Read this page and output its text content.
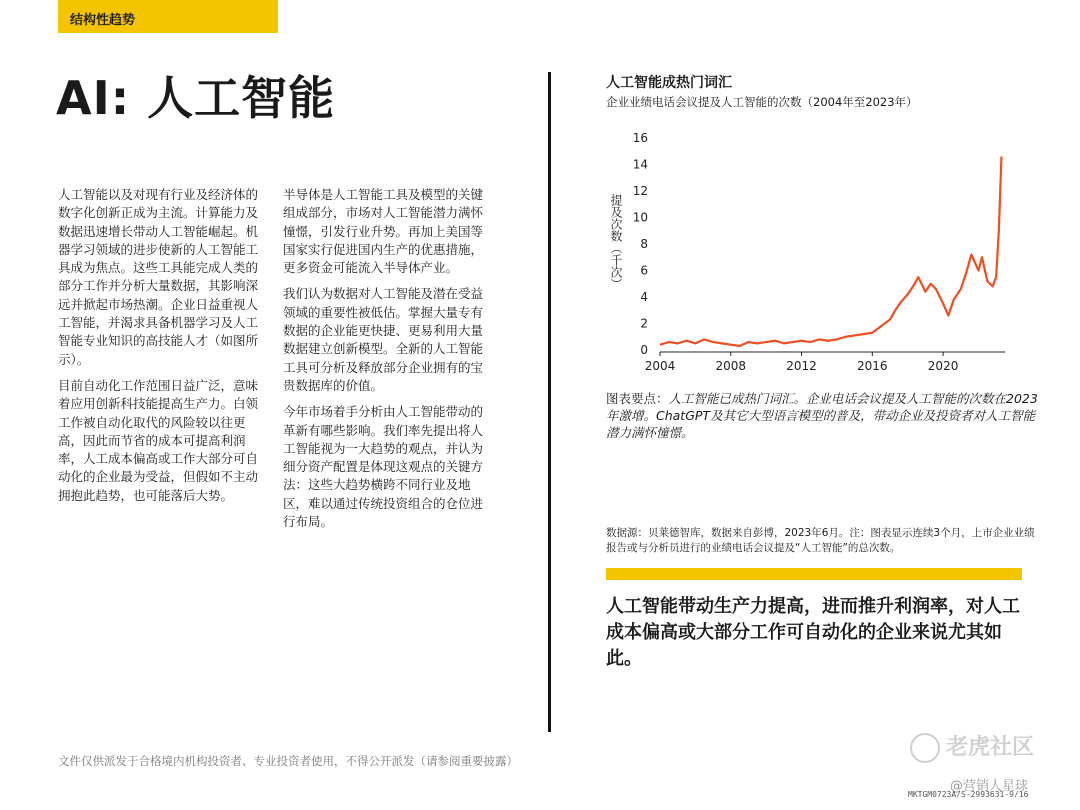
结构性趋势
AI: 人工智能

人工智能以及对现有行业及经济体的数字化创新正成为主流。计算能力及数据迅速增长带动人工智能崛起。机器学习领域的进步使新的人工智能工具成为焦点。这些工具能完成人类的部分工作并分析大量数据，其影响深远并掀起市场热潮。企业日益重视人工智能，并渴求具备机器学习及人工智能专业知识的高技能人才（如图所示）。

目前自动化工作范围日益广泛，意味着应用创新科技能提高生产力。白领工作被自动化取代的风险较以往更高，因此而节省的成本可提高利润率，人工成本偏高或工作大部分可自动化的企业最为受益，但假如不主动拥抱此趋势，也可能落后大势。

半导体是人工智能工具及模型的关键组成部分，市场对人工智能潜力满怀憧憬，引发行业升势。再加上美国等国家实行促进国内生产的优惠措施，更多资金可能流入半导体产业。

我们认为数据对人工智能及潜在受益领域的重要性被低估。掌握大量专有数据的企业能更快捷、更易利用大量数据建立创新模型。全新的人工智能工具可分析及释放部分企业拥有的宝贵数据库的价值。

今年市场着手分析由人工智能带动的革新有哪些影响。我们率先提出将人工智能视为一大趋势的观点，并认为细分资产配置是体现这观点的关键方法：这些大趋势横跨不同行业及地区，难以通过传统投资组合的仓位进行布局。

人工智能成热门词汇
企业业绩电话会议提及人工智能的次数（2004年至2023年）
0
2
4
6
8
10
12
14
16
2004	2008	2012	2016	2020
提及次数（千次）
图表要点：人工智能已成热门词汇。企业电话会议提及人工智能的次数在2023年激增。ChatGPT及其它大型语言模型的普及，带动企业及投资者对人工智能潜力满怀憧憬。
数据源：贝莱德智库，数据来自彭博，2023年6月。注：图表显示连续3个月，上市企业业绩报告或与分析员进行的业绩电话会议提及“人工智能”的总次数。
人工智能带动生产力提高，进而推升利润率，对人工成本偏高或大部分工作可自动化的企业来说尤其如此。
文件仅供派发于合格境内机构投资者、专业投资者使用，不得公开派发（请参阅重要披露）
老虎社区
@营销人星球
MKTGM0723A/S-2993631-9/16
